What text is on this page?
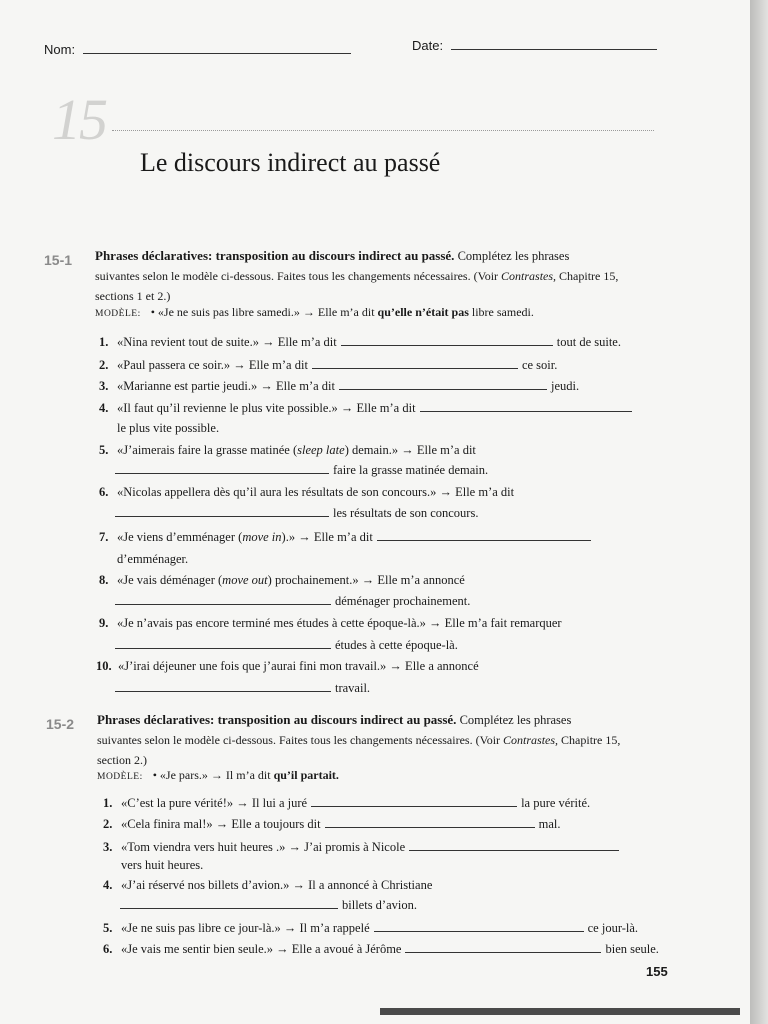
Nom:	Date:
15
Le discours indirect au passé
15-1 Phrases déclaratives: transposition au discours indirect au passé. Complétez les phrases
suivantes selon le modèle ci-dessous. Faites tous les changements nécessaires. (Voir Contrastes, Chapitre 15,
sections 1 et 2.)
MODÈLE: • «Je ne suis pas libre samedi.» → Elle m’a dit qu’elle n’était pas libre samedi.
1. «Nina revient tout de suite.» → Elle m’a dit	tout de suite.
2. «Paul passera ce soir.» → Elle m’a dit	ce soir.
3. «Marianne est partie jeudi.» → Elle m’a dit	jeudi.
4. «Il faut qu’il revienne le plus vite possible.» → Elle m’a dit
le plus vite possible.
5. «J’aimerais faire la grasse matinée (sleep late) demain.» → Elle m’a dit
faire la grasse matinée demain.
6. «Nicolas appellera dès qu’il aura les résultats de son concours.» → Elle m’a dit
les résultats de son concours.
7. «Je viens d’emménager (move in).» → Elle m’a dit
d’emménager.
8. «Je vais déménager (move out) prochainement.» → Elle m’a annoncé
déménager prochainement.
9. «Je n’avais pas encore terminé mes études à cette époque-là.» → Elle m’a fait remarquer
études à cette époque-là.
10. «J’irai déjeuner une fois que j’aurai fini mon travail.» → Elle a annoncé
travail.
15-2 Phrases déclaratives: transposition au discours indirect au passé. Complétez les phrases
suivantes selon le modèle ci-dessous. Faites tous les changements nécessaires. (Voir Contrastes, Chapitre 15,
section 2.)
MODÈLE: • «Je pars.» → Il m’a dit qu’il partait.
1. «C’est la pure vérité!» → Il lui a juré	la pure vérité.
2. «Cela finira mal!» → Elle a toujours dit	mal.
3. «Tom viendra vers huit heures .» → J’ai promis à Nicole
vers huit heures.
4. «J’ai réservé nos billets d’avion.» → Il a annoncé à Christiane
billets d’avion.
5. «Je ne suis pas libre ce jour-là.» → Il m’a rappelé	ce jour-là.
6. «Je vais me sentir bien seule.» → Elle a avoué à Jérôme	bien seule.
155
